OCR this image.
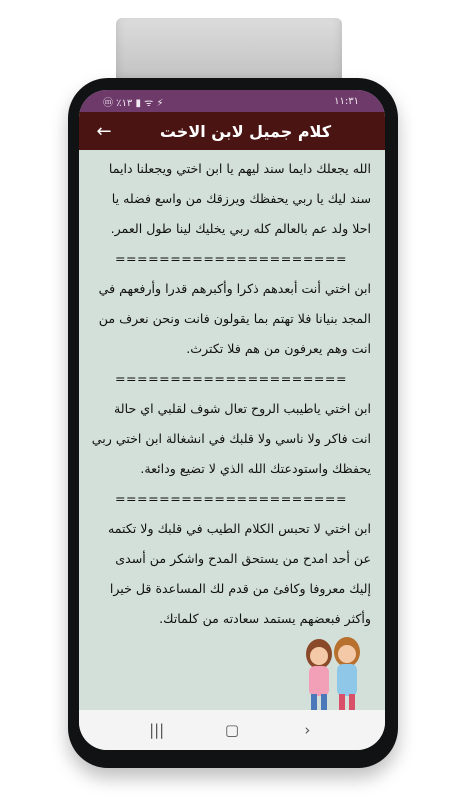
ⓜ ٪١٣ ▮ ᯤ ⚡	١١:٣١
←	كلام جميل لابن الاخت
الله يجعلك دايما سند ليهم يا ابن اختي ويجعلنا دايما سند ليك يا ربي يحفظك ويرزقك من واسع فضله يا احلا ولد عم بالعالم كله ربي يخليك لينا طول العمر.
=====================
ابن اختي أنت أبعدهم ذكرا وأكبرهم قدرا وأرفعهم في المجد بنيانا فلا تهتم بما يقولون فانت ونحن نعرف من انت وهم يعرفون من هم فلا تكترث.
=====================
ابن اختي ياطيبب الروح تعال شوف لقلبي اي حالة انت فاكر ولا ناسي ولا قلبك في انشغالة ابن اختي ربي يحفظك واستودعتك الله الذي لا تضيع ودائعة.
=====================
ابن اختي لا تحبس الكلام الطيب في قلبك ولا تكتمه عن أحد امدح من يستحق المدح واشكر من أسدى إليك معروفا وكافئ من قدم لك المساعدة قل خيرا وأكثر فبعضهم يستمد سعادته من كلماتك.
|||	▢	›
